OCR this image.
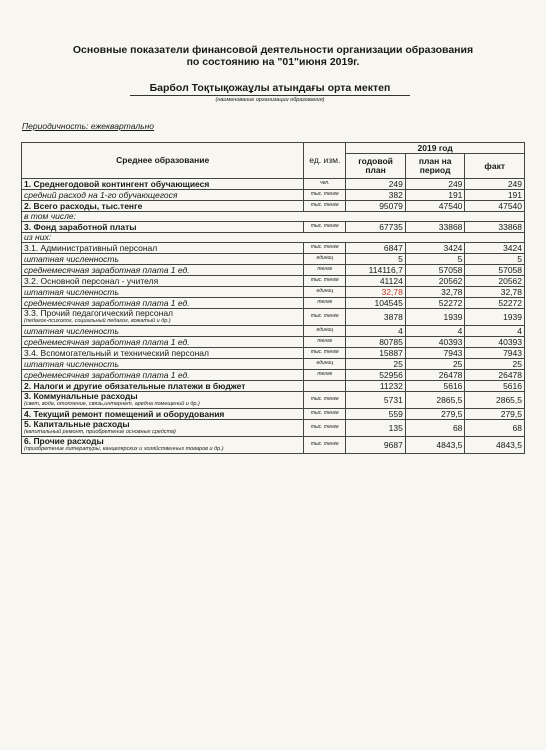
Основные показатели финансовой деятельности организации образования
по состоянию на "01"июня 2019г.
Барбол Тоқтықожаұлы атындағы орта мектеп
(наименование организации образования)
Периодичность: ежеквартально
Среднее образование	ед. изм.	2019 год		
		годовой план	план на период	факт
1. Среднегодовой контингент обучающиеся	чел.	249	249	249
средний расход на 1-го обучающегося	тыс. тенге	382	191	191
2. Всего расходы, тыс.тенге	тыс. тенге	95079	47540	47540
в том числе:				
3. Фонд заработной платы	тыс. тенге	67735	33868	33868
из них:				
3.1. Административный персонал	тыс. тенге	6847	3424	3424
штатная численность	единиц	5	5	5
среднемесячная заработная плата 1 ед.	тенге	114116,7	57058	57058
3.2. Основной персонал - учителя	тыс. тенге	41124	20562	20562
штатная численность	единиц	32,78	32,78	32,78
среднемесячная заработная плата 1 ед.	тенге	104545	52272	52272
3.3. Прочий педагогический персонал
(педагог-психолог, социальный педагог, вожатый и др.)	тыс. тенге	3878	1939	1939
штатная численность	единиц	4	4	4
среднемесячная заработная плата 1 ед.	тенге	80785	40393	40393
3.4. Вспомогательный и технический персонал	тыс. тенге	15887	7943	7943
штатная численность	единиц	25	25	25
среднемесячная заработная плата 1 ед.	тенге	52956	26478	26478
2. Налоги и другие обязательные платежи в бюджет		11232	5616	5616
3. Коммунальные расходы
(свет, вода, отопление, связь,интернет, аредна помещений и др.)	тыс. тенге	5731	2865,5	2865,5
4. Текущий ремонт помещений и оборудования	тыс. тенге	559	279,5	279,5
5. Капитальные расходы
(капитальный ремонт, приобретение основных средств)	тыс. тенге	135	68	68
6. Прочие расходы
(приобретение литературы, канцелярских и хозяйственных товаров и др.)	тыс. тенге	9687	4843,5	4843,5
